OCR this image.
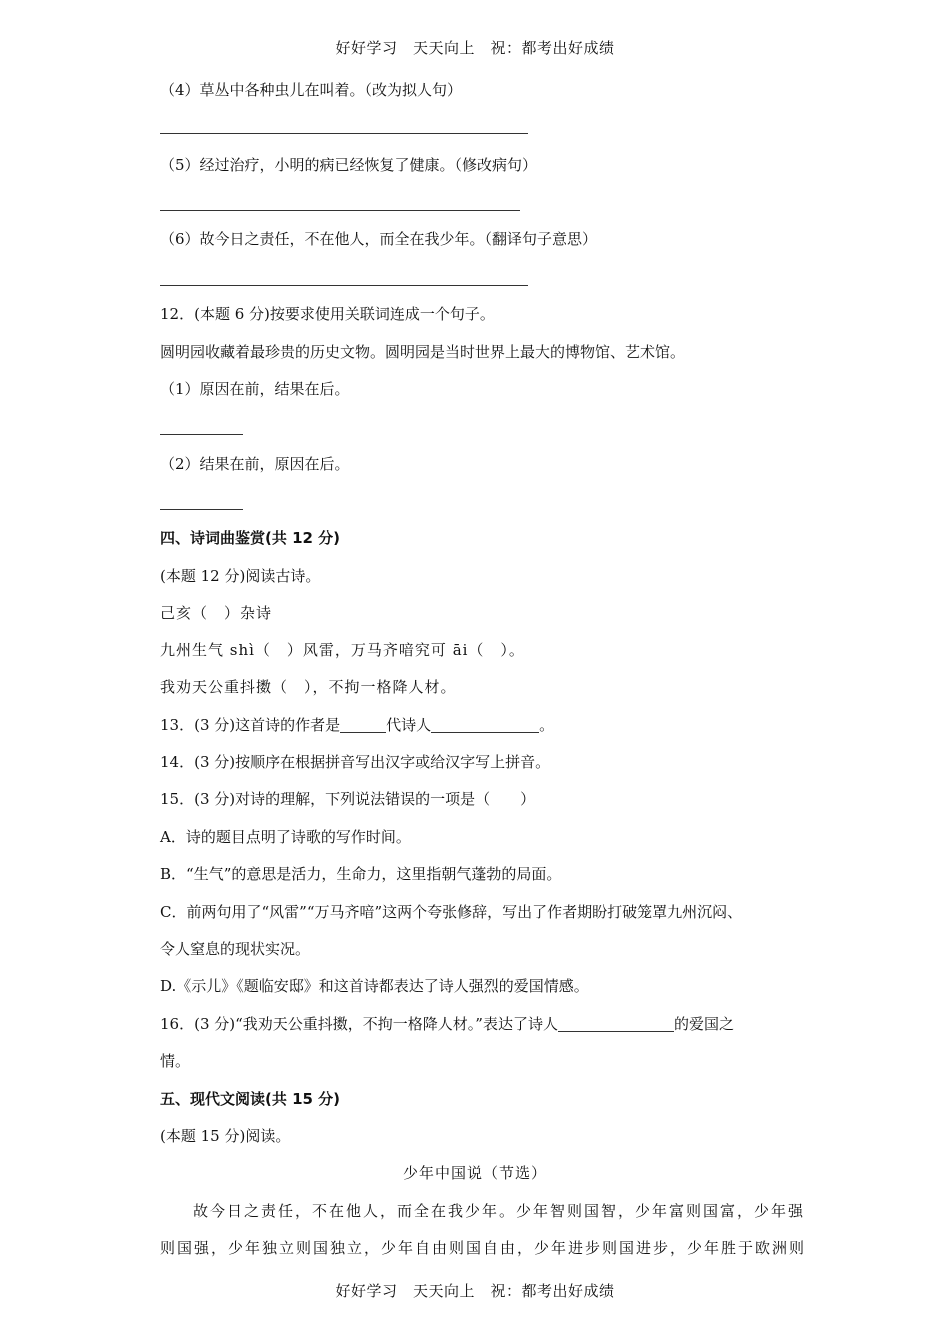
好好学习　天天向上　祝：都考出好成绩
（4）草丛中各种虫儿在叫着。（改为拟人句）
（5）经过治疗，小明的病已经恢复了健康。（修改病句）
（6）故今日之责任，不在他人，而全在我少年。（翻译句子意思）
12．(本题 6 分)按要求使用关联词连成一个句子。
圆明园收藏着最珍贵的历史文物。圆明园是当时世界上最大的博物馆、艺术馆。
（1）原因在前，结果在后。
（2）结果在前，原因在后。
四、诗词曲鉴赏(共 12 分)
(本题 12 分)阅读古诗。
己亥（　）杂诗
九州生气 shì（　）风雷，万马齐喑究可 āi（　）。
我劝天公重抖擞（　），不拘一格降人材。
13．(3 分)这首诗的作者是	代诗人	。
14．(3 分)按顺序在根据拼音写出汉字或给汉字写上拼音。
15．(3 分)对诗的理解，下列说法错误的一项是（　　）
A．诗的题目点明了诗歌的写作时间。
B．“生气”的意思是活力，生命力，这里指朝气蓬勃的局面。
C．前两句用了“风雷”“万马齐喑”这两个夸张修辞，写出了作者期盼打破笼罩九州沉闷、
令人窒息的现状实况。
D.《示儿》《题临安邸》和这首诗都表达了诗人强烈的爱国情感。
16．(3 分)“我劝天公重抖擞，不拘一格降人材。”表达了诗人	的爱国之
情。
五、现代文阅读(共 15 分)
(本题 15 分)阅读。
少年中国说（节选）
故今日之责任，不在他人，而全在我少年。少年智则国智，少年富则国富，少年强
则国强，少年独立则国独立，少年自由则国自由，少年进步则国进步，少年胜于欧洲则
好好学习　天天向上　祝：都考出好成绩
